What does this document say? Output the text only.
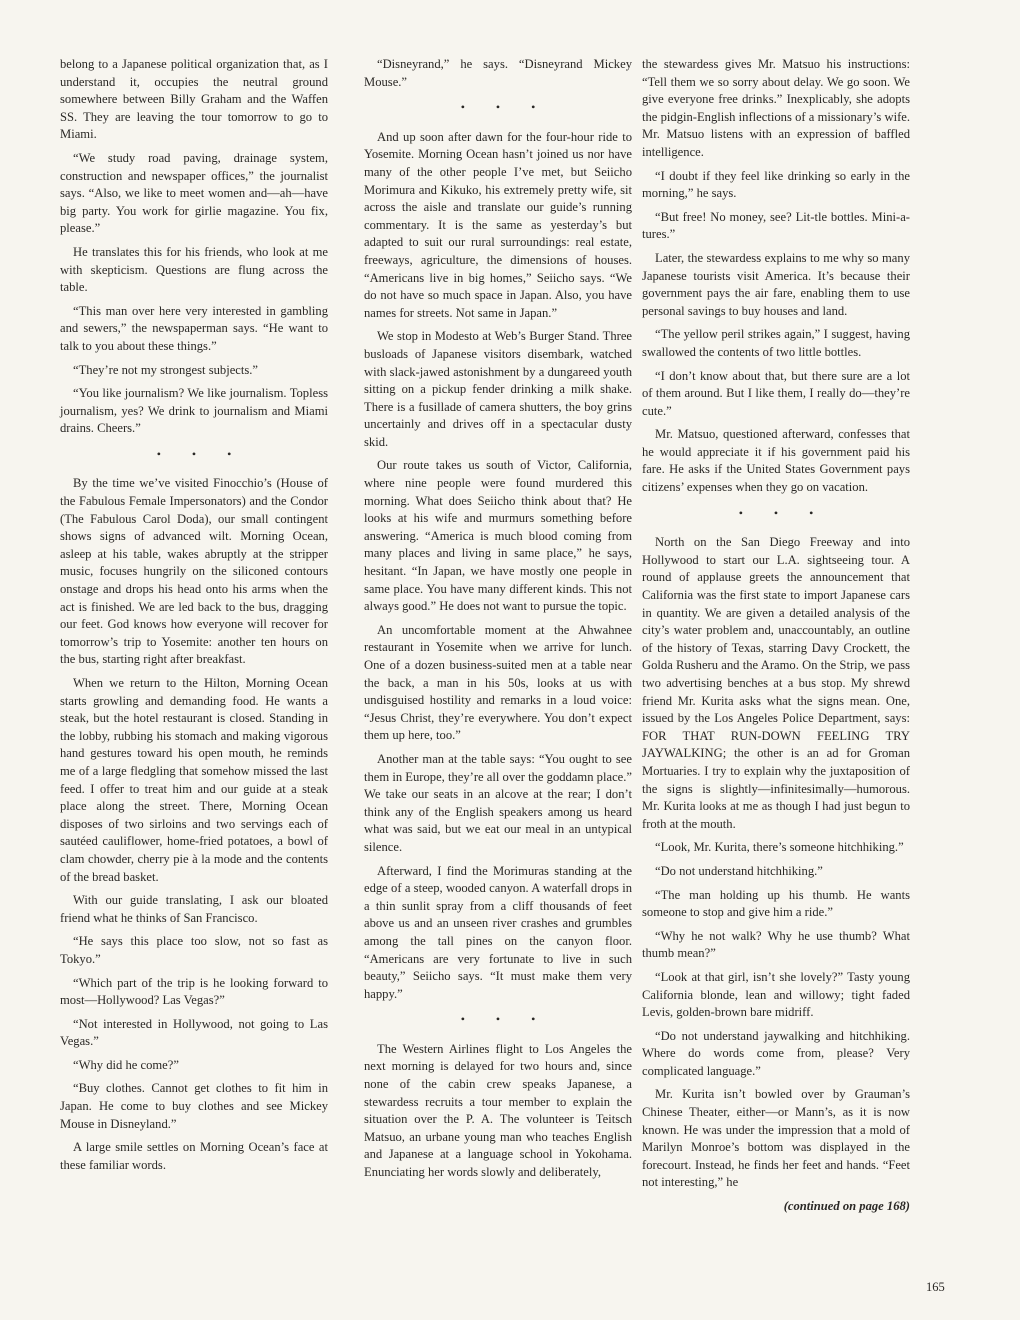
belong to a Japanese political organization that, as I understand it, occupies the neutral ground somewhere between Billy Graham and the Waffen SS. They are leaving the tour tomorrow to go to Miami.

“We study road paving, drainage system, construction and newspaper offices,” the journalist says. “Also, we like to meet women and—ah—have big party. You work for girlie magazine. You fix, please.”

He translates this for his friends, who look at me with skepticism. Questions are flung across the table.

“This man over here very interested in gambling and sewers,” the newspaperman says. “He want to talk to you about these things.”

“They’re not my strongest subjects.”

“You like journalism? We like journalism. Topless journalism, yes? We drink to journalism and Miami drains. Cheers.”

• • •

By the time we’ve visited Finocchio’s (House of the Fabulous Female Impersonators) and the Condor (The Fabulous Carol Doda), our small contingent shows signs of advanced wilt. Morning Ocean, asleep at his table, wakes abruptly at the stripper music, focuses hungrily on the siliconed contours onstage and drops his head onto his arms when the act is finished. We are led back to the bus, dragging our feet. God knows how everyone will recover for tomorrow’s trip to Yosemite: another ten hours on the bus, starting right after breakfast.

When we return to the Hilton, Morning Ocean starts growling and demanding food. He wants a steak, but the hotel restaurant is closed. Standing in the lobby, rubbing his stomach and making vigorous hand gestures toward his open mouth, he reminds me of a large fledgling that somehow missed the last feed. I offer to treat him and our guide at a steak place along the street. There, Morning Ocean disposes of two sirloins and two servings each of sautéed cauliflower, home-fried potatoes, a bowl of clam chowder, cherry pie à la mode and the contents of the bread basket.

With our guide translating, I ask our bloated friend what he thinks of San Francisco.

“He says this place too slow, not so fast as Tokyo.”

“Which part of the trip is he looking forward to most—Hollywood? Las Vegas?”

“Not interested in Hollywood, not going to Las Vegas.”

“Why did he come?”

“Buy clothes. Cannot get clothes to fit him in Japan. He come to buy clothes and see Mickey Mouse in Disneyland.”

A large smile settles on Morning Ocean’s face at these familiar words.

“Disneyrand,” he says. “Disneyrand Mickey Mouse.”

• • •

And up soon after dawn for the four-hour ride to Yosemite. Morning Ocean hasn’t joined us nor have many of the other people I’ve met, but Seiicho Morimura and Kikuko, his extremely pretty wife, sit across the aisle and translate our guide’s running commentary. It is the same as yesterday’s but adapted to suit our rural surroundings: real estate, freeways, agriculture, the dimensions of houses. “Americans live in big homes,” Seiicho says. “We do not have so much space in Japan. Also, you have names for streets. Not same in Japan.”

We stop in Modesto at Web’s Burger Stand. Three busloads of Japanese visitors disembark, watched with slack-jawed astonishment by a dungareed youth sitting on a pickup fender drinking a milk shake. There is a fusillade of camera shutters, the boy grins uncertainly and drives off in a spectacular dusty skid.

Our route takes us south of Victor, California, where nine people were found murdered this morning. What does Seiicho think about that? He looks at his wife and murmurs something before answering. “America is much blood coming from many places and living in same place,” he says, hesitant. “In Japan, we have mostly one people in same place. You have many different kinds. This not always good.” He does not want to pursue the topic.

An uncomfortable moment at the Ahwahnee restaurant in Yosemite when we arrive for lunch. One of a dozen business-suited men at a table near the back, a man in his 50s, looks at us with undisguised hostility and remarks in a loud voice: “Jesus Christ, they’re everywhere. You don’t expect them up here, too.”

Another man at the table says: “You ought to see them in Europe, they’re all over the goddamn place.” We take our seats in an alcove at the rear; I don’t think any of the English speakers among us heard what was said, but we eat our meal in an untypical silence.

Afterward, I find the Morimuras standing at the edge of a steep, wooded canyon. A waterfall drops in a thin sunlit spray from a cliff thousands of feet above us and an unseen river crashes and grumbles among the tall pines on the canyon floor. “Americans are very fortunate to live in such beauty,” Seiicho says. “It must make them very happy.”

• • •

The Western Airlines flight to Los Angeles the next morning is delayed for two hours and, since none of the cabin crew speaks Japanese, a stewardess recruits a tour member to explain the situation over the P. A. The volunteer is Teitsch Matsuo, an urbane young man who teaches English and Japanese at a language school in Yokohama. Enunciating her words slowly and deliberately,

the stewardess gives Mr. Matsuo his instructions: “Tell them we so sorry about delay. We go soon. We give everyone free drinks.” Inexplicably, she adopts the pidgin-English inflections of a missionary’s wife. Mr. Matsuo listens with an expression of baffled intelligence.

“I doubt if they feel like drinking so early in the morning,” he says.

“But free! No money, see? Lit-tle bottles. Mini-a-tures.”

Later, the stewardess explains to me why so many Japanese tourists visit America. It’s because their government pays the air fare, enabling them to use personal savings to buy houses and land.

“The yellow peril strikes again,” I suggest, having swallowed the contents of two little bottles.

“I don’t know about that, but there sure are a lot of them around. But I like them, I really do—they’re cute.”

Mr. Matsuo, questioned afterward, confesses that he would appreciate it if his government paid his fare. He asks if the United States Government pays citizens’ expenses when they go on vacation.

• • •

North on the San Diego Freeway and into Hollywood to start our L.A. sightseeing tour. A round of applause greets the announcement that California was the first state to import Japanese cars in quantity. We are given a detailed analysis of the city’s water problem and, unaccountably, an outline of the history of Texas, starring Davy Crockett, the Golda Rusheru and the Aramo. On the Strip, we pass two advertising benches at a bus stop. My shrewd friend Mr. Kurita asks what the signs mean. One, issued by the Los Angeles Police Department, says: FOR THAT RUN-DOWN FEELING TRY JAYWALKING; the other is an ad for Groman Mortuaries. I try to explain why the juxtaposition of the signs is slightly—infinitesimally—humorous. Mr. Kurita looks at me as though I had just begun to froth at the mouth.

“Look, Mr. Kurita, there’s someone hitchhiking.”

“Do not understand hitchhiking.”

“The man holding up his thumb. He wants someone to stop and give him a ride.”

“Why he not walk? Why he use thumb? What thumb mean?”

“Look at that girl, isn’t she lovely?” Tasty young California blonde, lean and willowy; tight faded Levis, golden-brown bare midriff.

“Do not understand jaywalking and hitchhiking. Where do words come from, please? Very complicated language.”

Mr. Kurita isn’t bowled over by Grauman’s Chinese Theater, either—or Mann’s, as it is now known. He was under the impression that a mold of Marilyn Monroe’s bottom was displayed in the forecourt. Instead, he finds her feet and hands. “Feet not interesting,” he

(continued on page 168)

165
